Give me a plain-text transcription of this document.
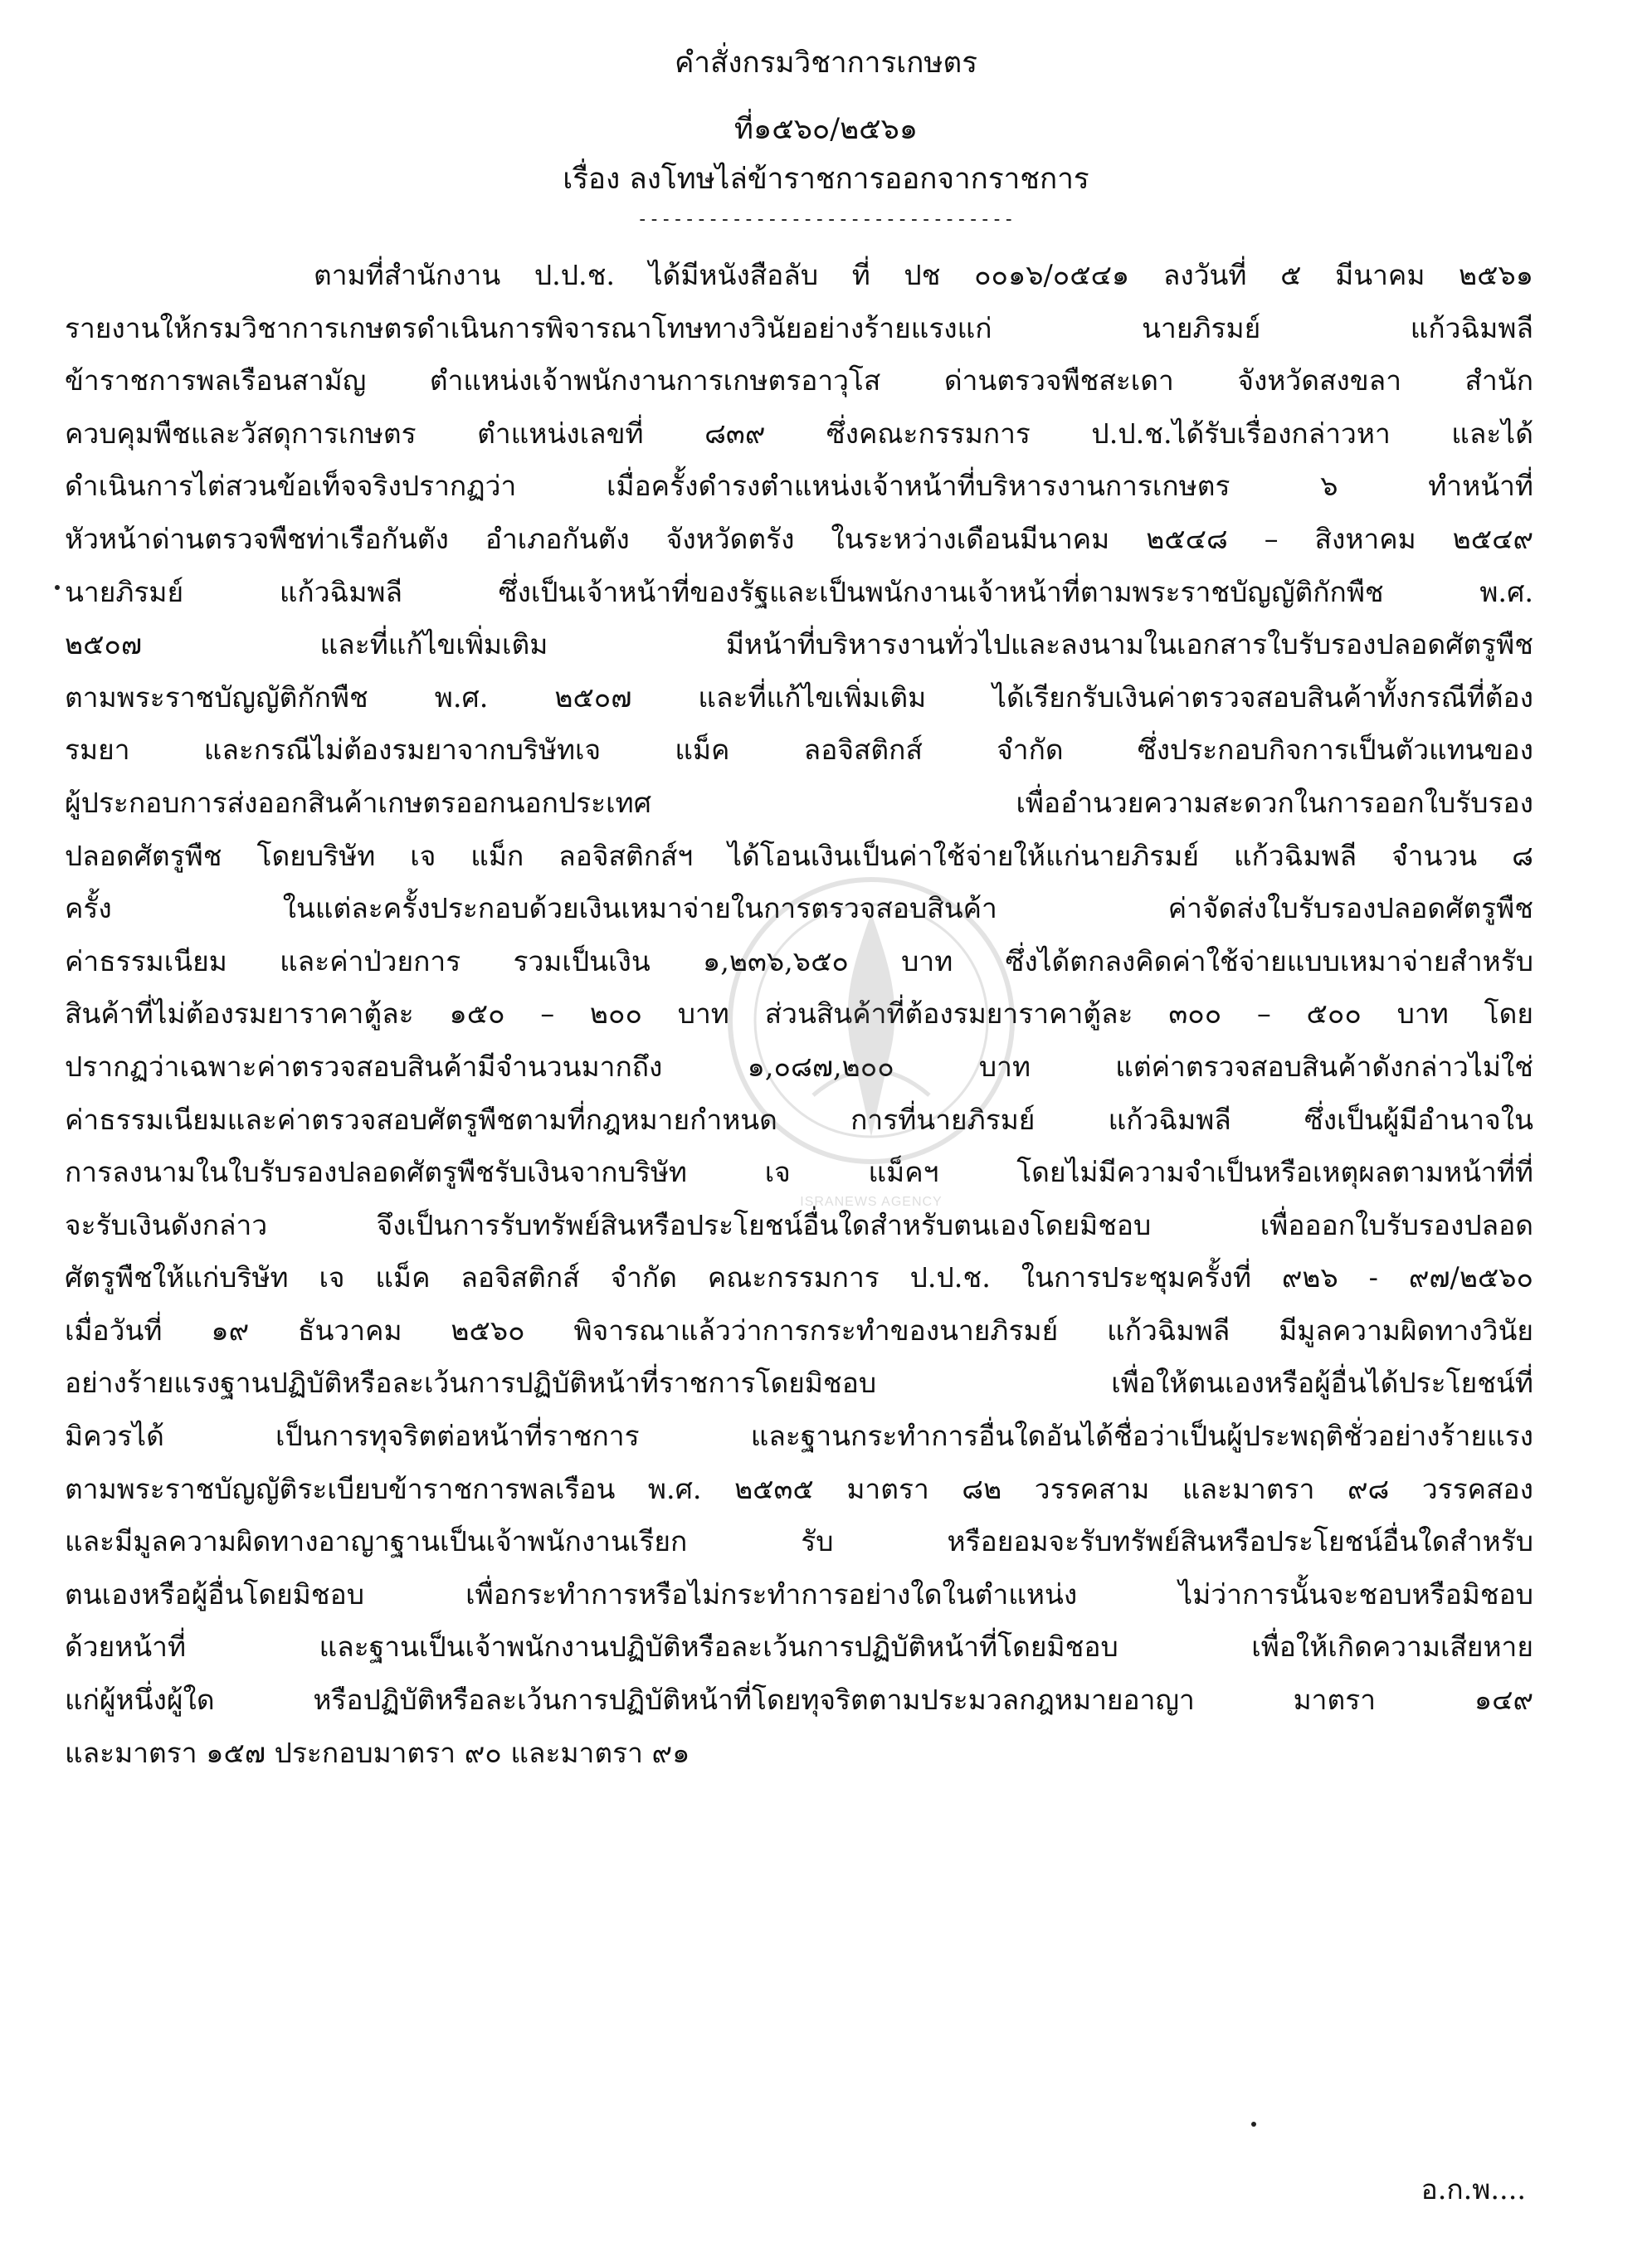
คำสั่งกรมวิชาการเกษตร
ที่๑๕๖๐/๒๕๖๑
เรื่อง ลงโทษไล่ข้าราชการออกจากราชการ
--------------------------------
ตามที่สำนักงาน ป.ป.ช. ได้มีหนังสือลับ ที่ ปช ๐๐๑๖/๐๕๔๑ ลงวันที่ ๕ มีนาคม ๒๕๖๑
รายงานให้กรมวิชาการเกษตรดำเนินการพิจารณาโทษทางวินัยอย่างร้ายแรงแก่ นายภิรมย์ แก้วฉิมพลี
ข้าราชการพลเรือนสามัญ ตำแหน่งเจ้าพนักงานการเกษตรอาวุโส ด่านตรวจพืชสะเดา จังหวัดสงขลา สำนัก
ควบคุมพืชและวัสดุการเกษตร ตำแหน่งเลขที่ ๘๓๙ ซึ่งคณะกรรมการ ป.ป.ช.ได้รับเรื่องกล่าวหา และได้
ดำเนินการไต่สวนข้อเท็จจริงปรากฏว่า เมื่อครั้งดำรงตำแหน่งเจ้าหน้าที่บริหารงานการเกษตร ๖ ทำหน้าที่
หัวหน้าด่านตรวจพืชท่าเรือกันตัง อำเภอกันตัง จังหวัดตรัง ในระหว่างเดือนมีนาคม ๒๕๔๘ – สิงหาคม ๒๕๔๙
นายภิรมย์ แก้วฉิมพลี ซึ่งเป็นเจ้าหน้าที่ของรัฐและเป็นพนักงานเจ้าหน้าที่ตามพระราชบัญญัติกักพืช พ.ศ.
๒๕๐๗ และที่แก้ไขเพิ่มเติม มีหน้าที่บริหารงานทั่วไปและลงนามในเอกสารใบรับรองปลอดศัตรูพืช
ตามพระราชบัญญัติกักพืช พ.ศ. ๒๕๐๗ และที่แก้ไขเพิ่มเติม ได้เรียกรับเงินค่าตรวจสอบสินค้าทั้งกรณีที่ต้อง
รมยา และกรณีไม่ต้องรมยาจากบริษัทเจ แม็ค ลอจิสติกส์ จำกัด ซึ่งประกอบกิจการเป็นตัวแทนของ
ผู้ประกอบการส่งออกสินค้าเกษตรออกนอกประเทศ เพื่ออำนวยความสะดวกในการออกใบรับรอง
ปลอดศัตรูพืช โดยบริษัท เจ แม็ก ลอจิสติกส์ฯ ได้โอนเงินเป็นค่าใช้จ่ายให้แก่นายภิรมย์ แก้วฉิมพลี จำนวน ๘
ครั้ง ในแต่ละครั้งประกอบด้วยเงินเหมาจ่ายในการตรวจสอบสินค้า ค่าจัดส่งใบรับรองปลอดศัตรูพืช
ค่าธรรมเนียม และค่าป่วยการ รวมเป็นเงิน ๑,๒๓๖,๖๕๐ บาท ซึ่งได้ตกลงคิดค่าใช้จ่ายแบบเหมาจ่ายสำหรับ
สินค้าที่ไม่ต้องรมยาราคาตู้ละ ๑๕๐ – ๒๐๐ บาท ส่วนสินค้าที่ต้องรมยาราคาตู้ละ ๓๐๐ – ๕๐๐ บาท โดย
ปรากฏว่าเฉพาะค่าตรวจสอบสินค้ามีจำนวนมากถึง ๑,๐๘๗,๒๐๐ บาท แต่ค่าตรวจสอบสินค้าดังกล่าวไม่ใช่
ค่าธรรมเนียมและค่าตรวจสอบศัตรูพืชตามที่กฎหมายกำหนด การที่นายภิรมย์ แก้วฉิมพลี ซึ่งเป็นผู้มีอำนาจใน
การลงนามในใบรับรองปลอดศัตรูพืชรับเงินจากบริษัท เจ แม็คฯ โดยไม่มีความจำเป็นหรือเหตุผลตามหน้าที่ที่
จะรับเงินดังกล่าว จึงเป็นการรับทรัพย์สินหรือประโยชน์อื่นใดสำหรับตนเองโดยมิชอบ เพื่อออกใบรับรองปลอด
ศัตรูพืชให้แก่บริษัท เจ แม็ค ลอจิสติกส์ จำกัด คณะกรรมการ ป.ป.ช. ในการประชุมครั้งที่ ๙๒๖ - ๙๗/๒๕๖๐
เมื่อวันที่ ๑๙ ธันวาคม ๒๕๖๐ พิจารณาแล้วว่าการกระทำของนายภิรมย์ แก้วฉิมพลี มีมูลความผิดทางวินัย
อย่างร้ายแรงฐานปฏิบัติหรือละเว้นการปฏิบัติหน้าที่ราชการโดยมิชอบ เพื่อให้ตนเองหรือผู้อื่นได้ประโยชน์ที่
มิควรได้ เป็นการทุจริตต่อหน้าที่ราชการ และฐานกระทำการอื่นใดอันได้ชื่อว่าเป็นผู้ประพฤติชั่วอย่างร้ายแรง
ตามพระราชบัญญัติระเบียบข้าราชการพลเรือน พ.ศ. ๒๕๓๕ มาตรา ๘๒ วรรคสาม และมาตรา ๙๘ วรรคสอง
และมีมูลความผิดทางอาญาฐานเป็นเจ้าพนักงานเรียก รับ หรือยอมจะรับทรัพย์สินหรือประโยชน์อื่นใดสำหรับ
ตนเองหรือผู้อื่นโดยมิชอบ เพื่อกระทำการหรือไม่กระทำการอย่างใดในตำแหน่ง ไม่ว่าการนั้นจะชอบหรือมิชอบ
ด้วยหน้าที่ และฐานเป็นเจ้าพนักงานปฏิบัติหรือละเว้นการปฏิบัติหน้าที่โดยมิชอบ เพื่อให้เกิดความเสียหาย
แก่ผู้หนึ่งผู้ใด หรือปฏิบัติหรือละเว้นการปฏิบัติหน้าที่โดยทุจริตตามประมวลกฎหมายอาญา มาตรา ๑๔๙
และมาตรา ๑๕๗ ประกอบมาตรา ๙๐ และมาตรา ๙๑
ISRANEWS AGENCY
อ.ก.พ....
